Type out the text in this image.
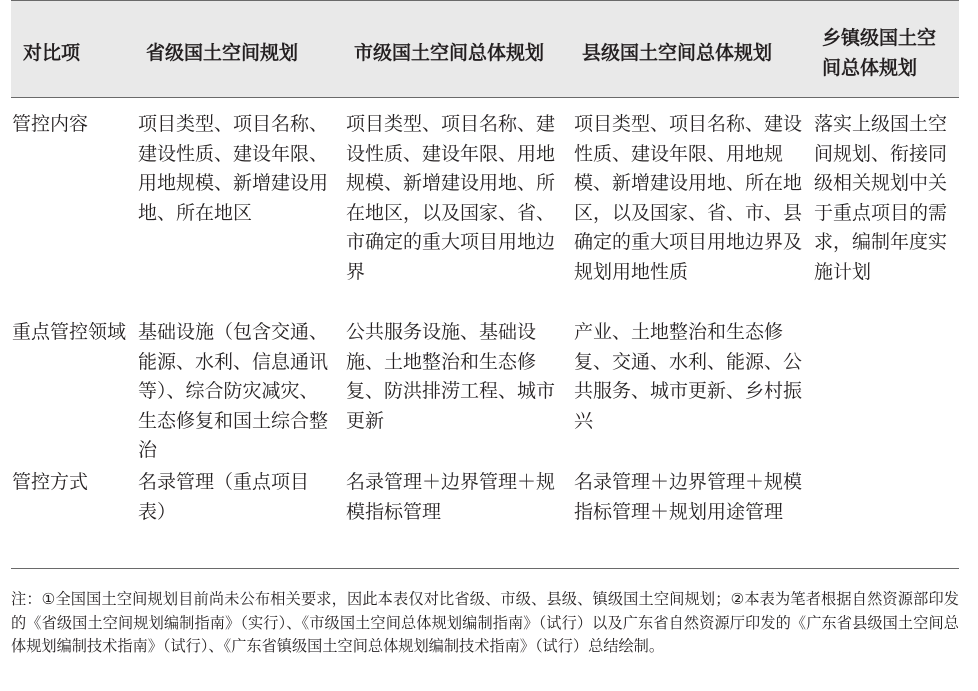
对比项	省级国土空间规划	市级国土空间总体规划	县级国土空间总体规划	乡镇级国土空间总体规划
管控内容	项目类型、项目名称、建设性质、建设年限、用地规模、新增建设用地、所在地区	项目类型、项目名称、建设性质、建设年限、用地规模、新增建设用地、所在地区，以及国家、省、市确定的重大项目用地边界	项目类型、项目名称、建设性质、建设年限、用地规模、新增建设用地、所在地区，以及国家、省、市、县确定的重大项目用地边界及规划用地性质	落实上级国土空间规划、衔接同级相关规划中关于重点项目的需求，编制年度实施计划
重点管控领域	基础设施（包含交通、能源、水利、信息通讯等）、综合防灾减灾、生态修复和国土综合整治	公共服务设施、基础设施、土地整治和生态修复、防洪排涝工程、城市更新	产业、土地整治和生态修复、交通、水利、能源、公共服务、城市更新、乡村振兴	
管控方式	名录管理（重点项目表）	名录管理＋边界管理＋规模指标管理	名录管理＋边界管理＋规模指标管理＋规划用途管理	
注：①全国国土空间规划目前尚未公布相关要求，因此本表仅对比省级、市级、县级、镇级国土空间规划；②本表为笔者根据自然资源部印发的《省级国土空间规划编制指南》（实行）、《市级国土空间总体规划编制指南》（试行）以及广东省自然资源厅印发的《广东省县级国土空间总体规划编制技术指南》（试行）、《广东省镇级国土空间总体规划编制技术指南》（试行）总结绘制。
